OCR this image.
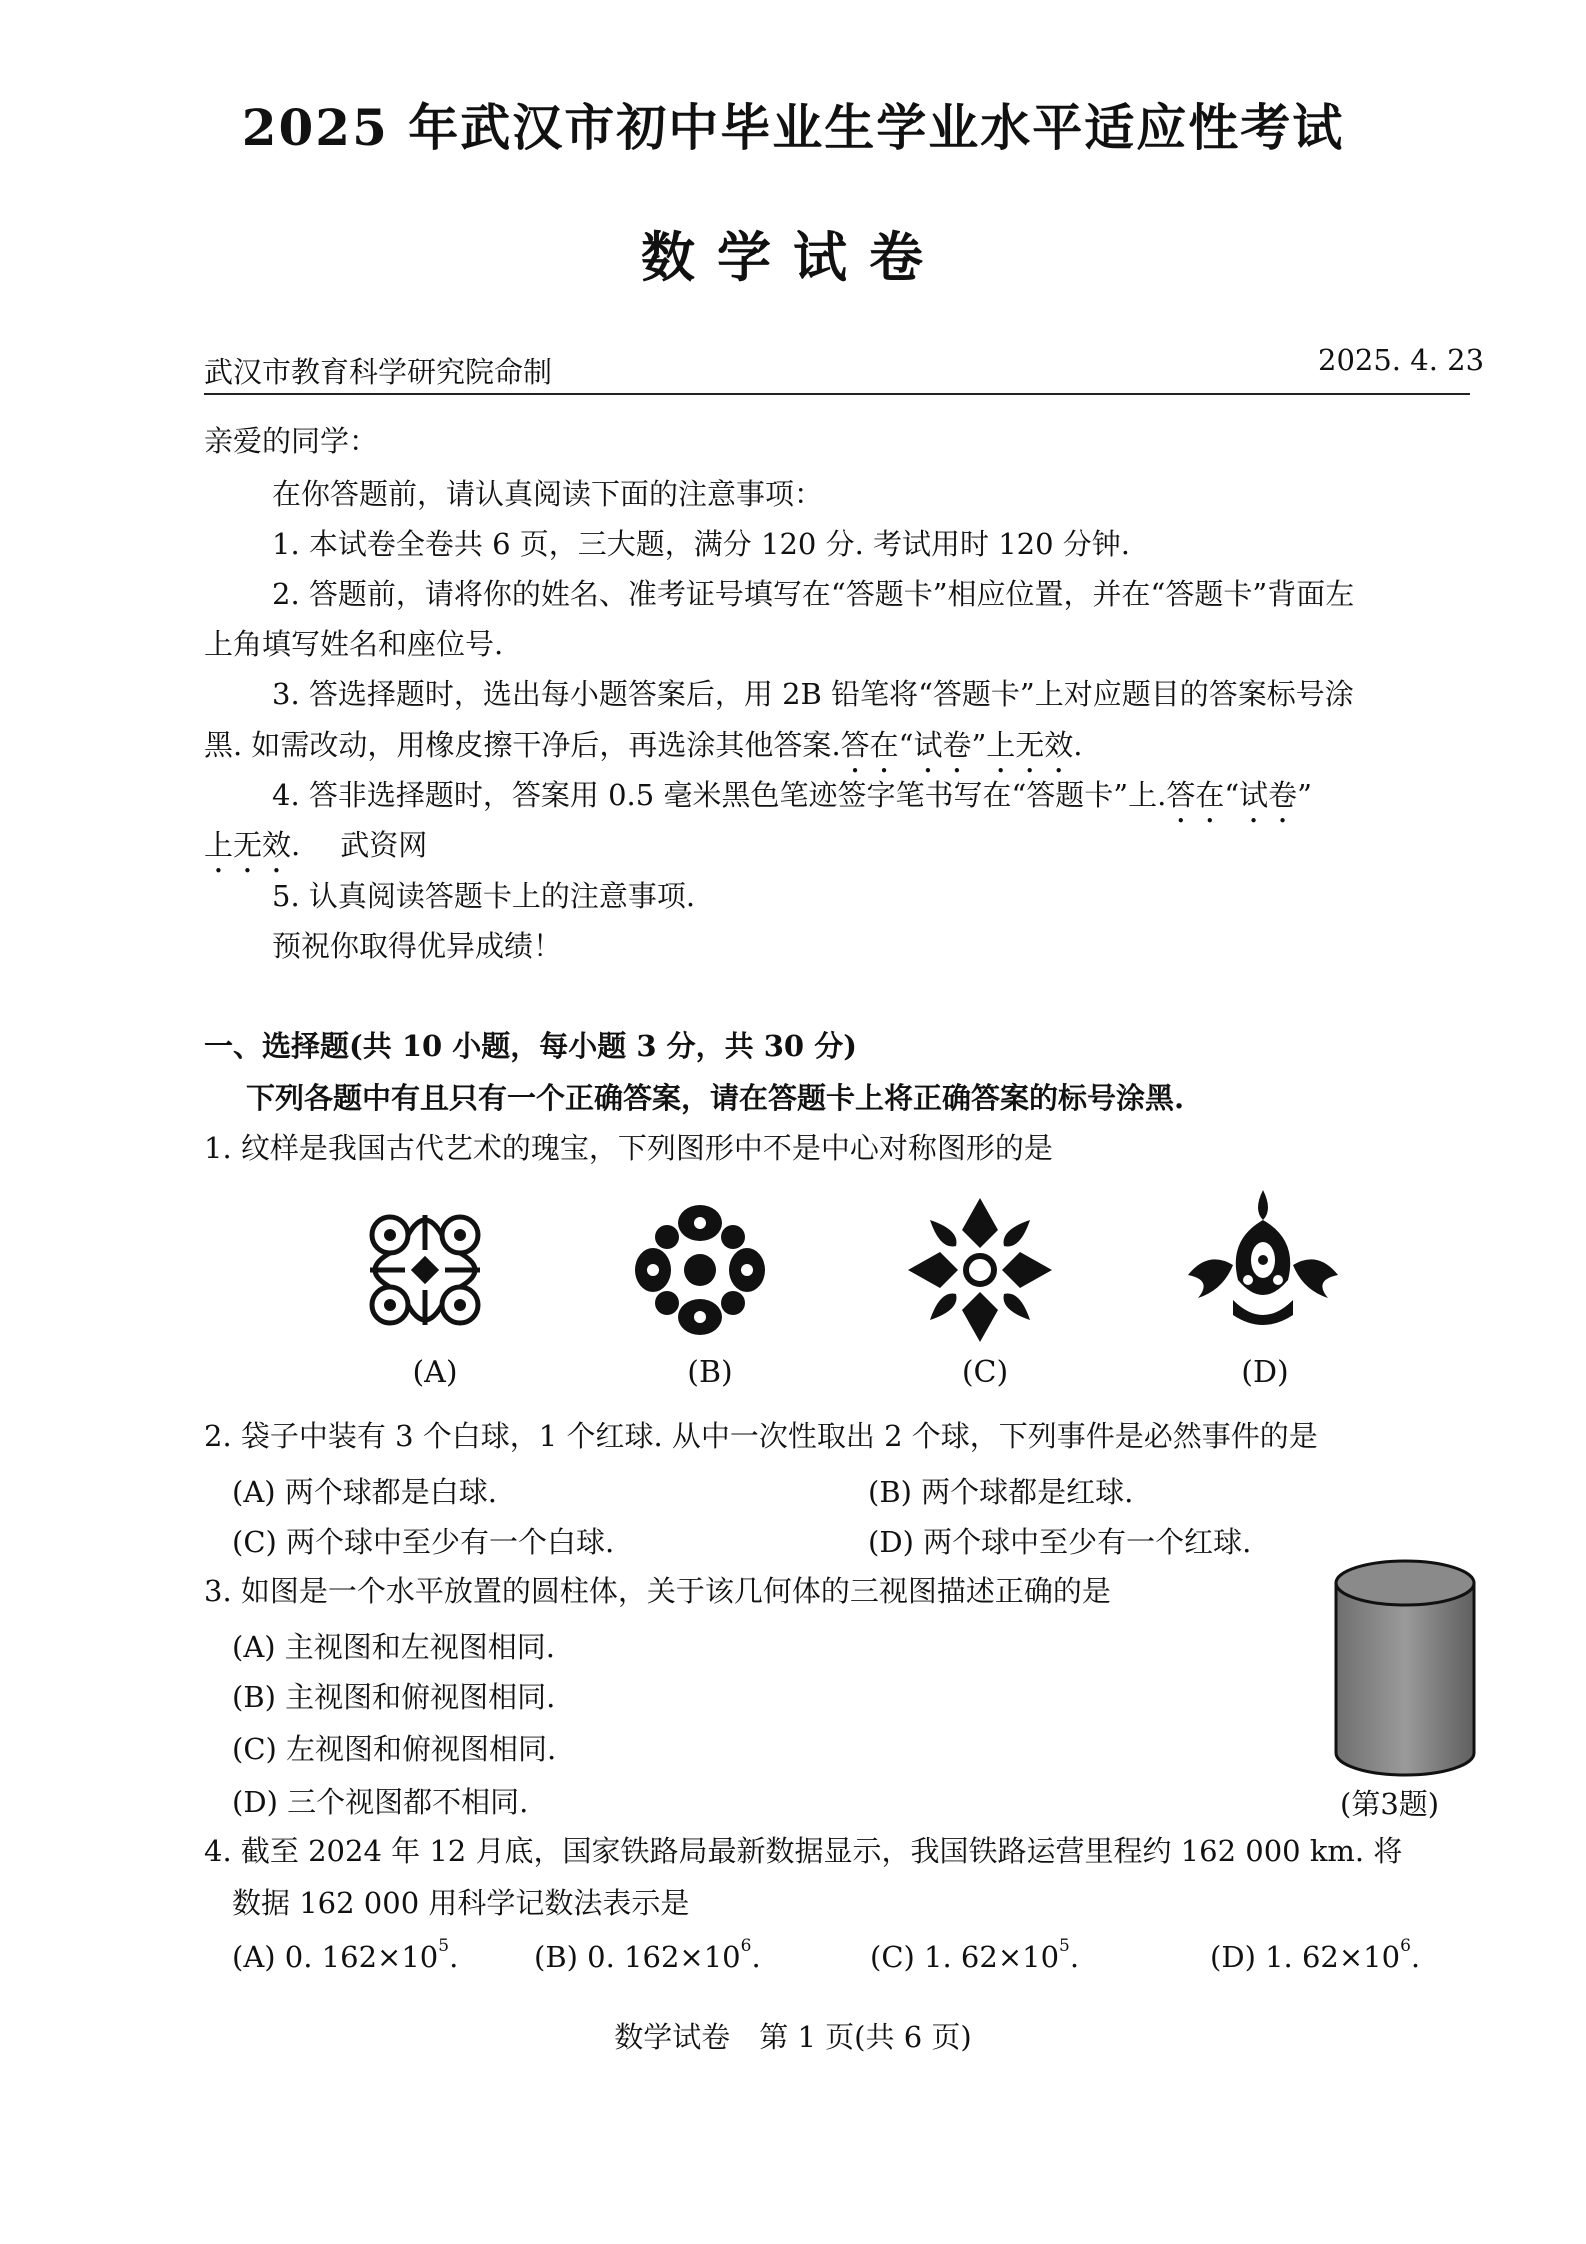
2025 年武汉市初中毕业生学业水平适应性考试
数学试卷
武汉市教育科学研究院命制	2025. 4. 23
亲爱的同学：
在你答题前，请认真阅读下面的注意事项：
1. 本试卷全卷共 6 页，三大题，满分 120 分. 考试用时 120 分钟.
2. 答题前，请将你的姓名、准考证号填写在“答题卡”相应位置，并在“答题卡”背面左
上角填写姓名和座位号.
3. 答选择题时，选出每小题答案后，用 2B 铅笔将“答题卡”上对应题目的答案标号涂
黑. 如需改动，用橡皮擦干净后，再选涂其他答案.答在“试卷”上无效.
4. 答非选择题时，答案用 0.5 毫米黑色笔迹签字笔书写在“答题卡”上.答在“试卷”
上无效. 武资网
5. 认真阅读答题卡上的注意事项.
预祝你取得优异成绩！
一、选择题(共 10 小题，每小题 3 分，共 30 分)
下列各题中有且只有一个正确答案，请在答题卡上将正确答案的标号涂黑.
1. 纹样是我国古代艺术的瑰宝，下列图形中不是中心对称图形的是
(A)	(B)	(C)	(D)
2. 袋子中装有 3 个白球，1 个红球. 从中一次性取出 2 个球，下列事件是必然事件的是
(A) 两个球都是白球.	(B) 两个球都是红球.
(C) 两个球中至少有一个白球.	(D) 两个球中至少有一个红球.
3. 如图是一个水平放置的圆柱体，关于该几何体的三视图描述正确的是
(A) 主视图和左视图相同.
(B) 主视图和俯视图相同.
(C) 左视图和俯视图相同.
(D) 三个视图都不相同.	(第3题)
4. 截至 2024 年 12 月底，国家铁路局最新数据显示，我国铁路运营里程约 162 000 km. 将
数据 162 000 用科学记数法表示是
(A) 0. $162\times 10^5$.	(B) 0. $162\times 10^6$.	(C) 1. $62\times 10^5$.	(D) 1. $62\times 10^6$.
数学试卷　第 1 页(共 6 页)
